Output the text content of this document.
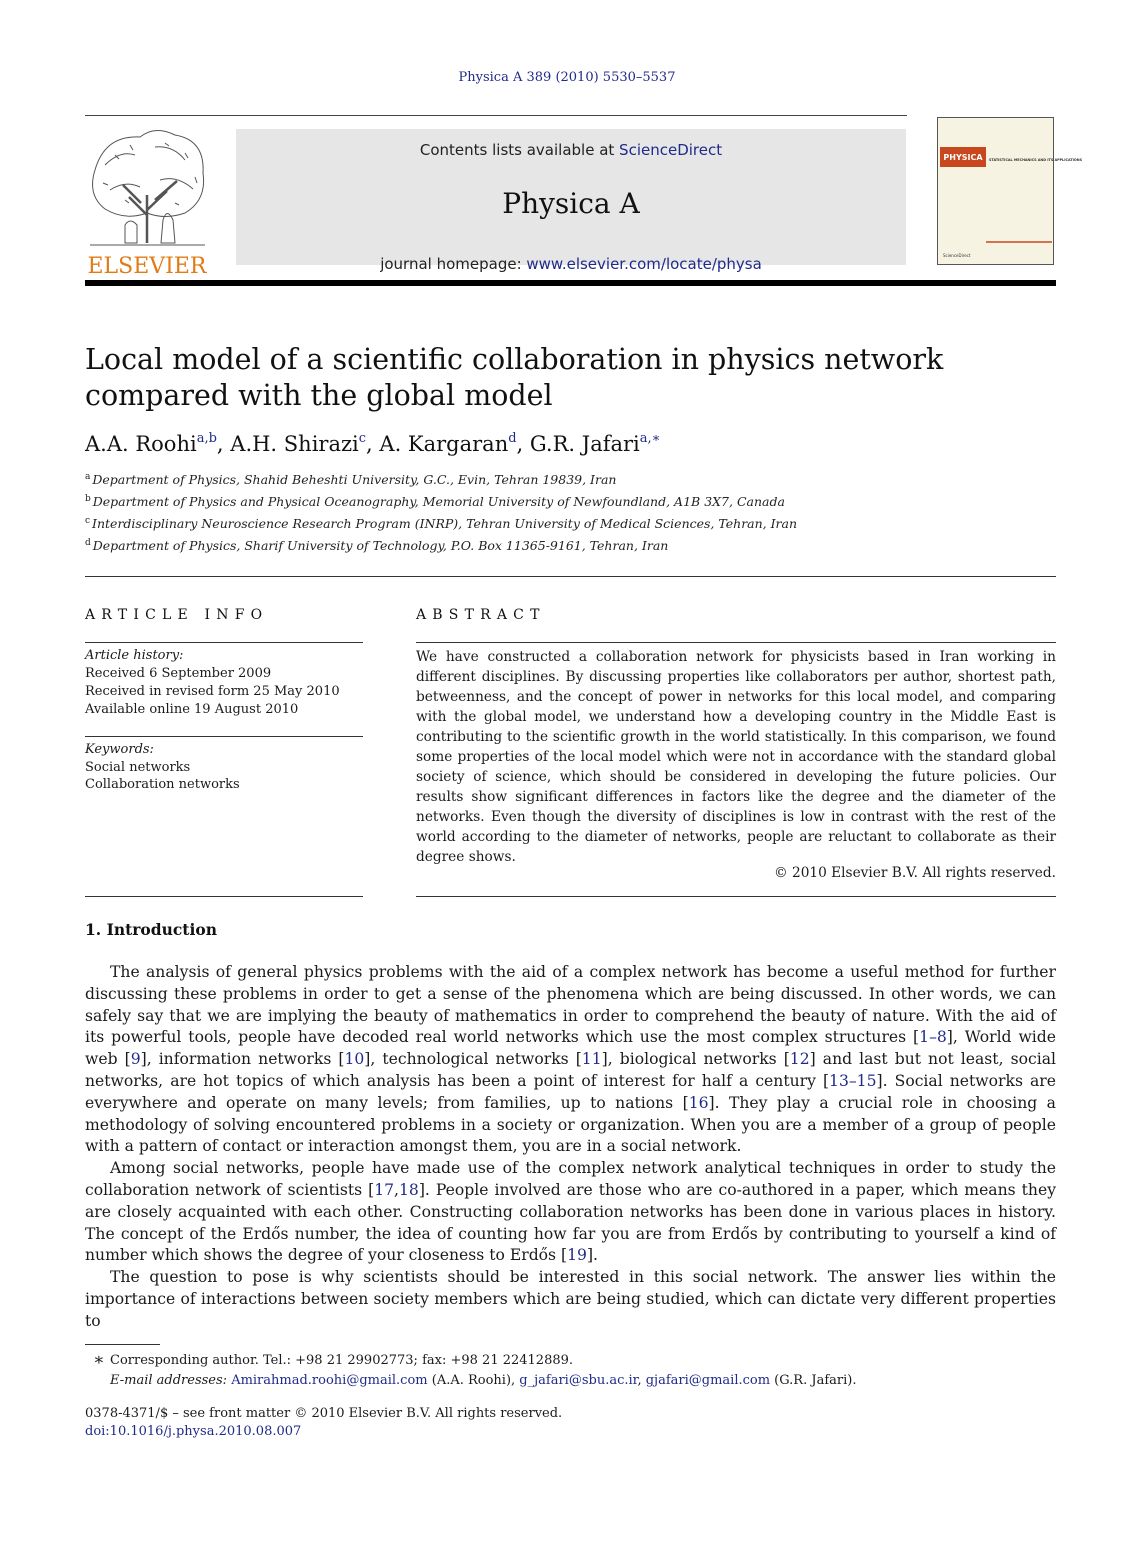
Physica A 389 (2010) 5530–5537
ELSEVIER
Contents lists available at ScienceDirect
Physica A
journal homepage: www.elsevier.com/locate/physa
PHYSICA STATISTICAL MECHANICS AND ITS APPLICATIONS
ScienceDirect
Local model of a scientific collaboration in physics network compared with the global model
A.A. Roohi$^{a,b}$, A.H. Shirazi$^c$, A. Kargaran$^d$, G.R. Jafari$^{a,∗}$
$^a$ Department of Physics, Shahid Beheshti University, G.C., Evin, Tehran 19839, Iran
$^b$ Department of Physics and Physical Oceanography, Memorial University of Newfoundland, A1B 3X7, Canada
$^c$ Interdisciplinary Neuroscience Research Program (INRP), Tehran University of Medical Sciences, Tehran, Iran
$^d$ Department of Physics, Sharif University of Technology, P.O. Box 11365-9161, Tehran, Iran
ARTICLE INFO
Article history:
Received 6 September 2009
Received in revised form 25 May 2010
Available online 19 August 2010
Keywords:
Social networks
Collaboration networks
ABSTRACT
We have constructed a collaboration network for physicists based in Iran working in different disciplines. By discussing properties like collaborators per author, shortest path, betweenness, and the concept of power in networks for this local model, and comparing with the global model, we understand how a developing country in the Middle East is contributing to the scientific growth in the world statistically. In this comparison, we found some properties of the local model which were not in accordance with the standard global society of science, which should be considered in developing the future policies. Our results show significant differences in factors like the degree and the diameter of the networks. Even though the diversity of disciplines is low in contrast with the rest of the world according to the diameter of networks, people are reluctant to collaborate as their degree shows.
© 2010 Elsevier B.V. All rights reserved.
1. Introduction

The analysis of general physics problems with the aid of a complex network has become a useful method for further discussing these problems in order to get a sense of the phenomena which are being discussed. In other words, we can safely say that we are implying the beauty of mathematics in order to comprehend the beauty of nature. With the aid of its powerful tools, people have decoded real world networks which use the most complex structures [1–8], World wide web [9], information networks [10], technological networks [11], biological networks [12] and last but not least, social networks, are hot topics of which analysis has been a point of interest for half a century [13–15]. Social networks are everywhere and operate on many levels; from families, up to nations [16]. They play a crucial role in choosing a methodology of solving encountered problems in a society or organization. When you are a member of a group of people with a pattern of contact or interaction amongst them, you are in a social network.

Among social networks, people have made use of the complex network analytical techniques in order to study the collaboration network of scientists [17,18]. People involved are those who are co-authored in a paper, which means they are closely acquainted with each other. Constructing collaboration networks has been done in various places in history. The concept of the Erdős number, the idea of counting how far you are from Erdős by contributing to yourself a kind of number which shows the degree of your closeness to Erdős [19].

The question to pose is why scientists should be interested in this social network. The answer lies within the importance of interactions between society members which are being studied, which can dictate very different properties to

∗ Corresponding author. Tel.: +98 21 29902773; fax: +98 21 22412889.
E-mail addresses: Amirahmad.roohi@gmail.com (A.A. Roohi), g_jafari@sbu.ac.ir, gjafari@gmail.com (G.R. Jafari).
0378-4371/$ – see front matter © 2010 Elsevier B.V. All rights reserved.
doi:10.1016/j.physa.2010.08.007
